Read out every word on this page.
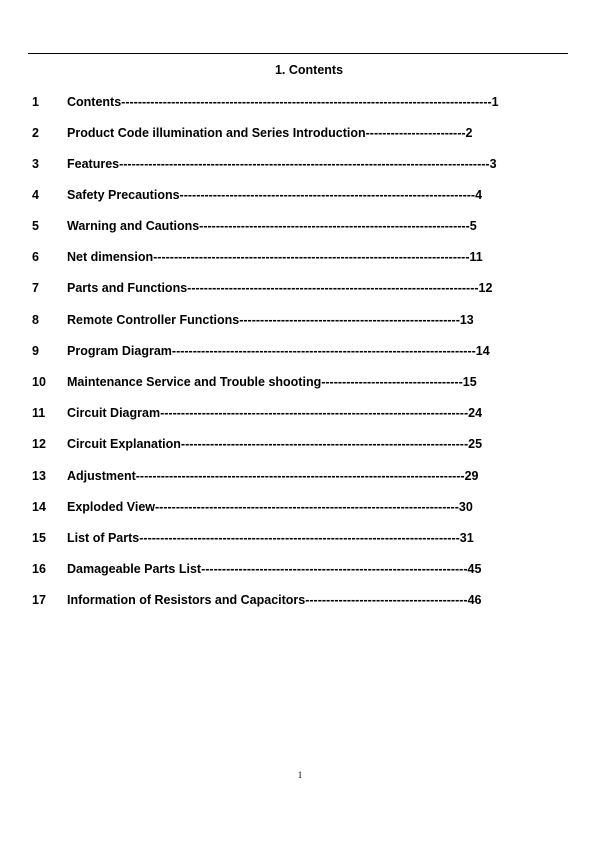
1. Contents
1 Contents-----------------------------------------------------------------------------------------1
2 Product Code illumination and Series Introduction------------------------2
3 Features-----------------------------------------------------------------------------------------3
4 Safety Precautions-----------------------------------------------------------------------4
5 Warning and Cautions-----------------------------------------------------------------5
6 Net dimension----------------------------------------------------------------------------11
7 Parts and Functions----------------------------------------------------------------------12
8 Remote Controller Functions-----------------------------------------------------13
9 Program Diagram-------------------------------------------------------------------------14
10 Maintenance Service and Trouble shooting----------------------------------15
11 Circuit Diagram--------------------------------------------------------------------------24
12 Circuit Explanation---------------------------------------------------------------------25
13 Adjustment-------------------------------------------------------------------------------29
14 Exploded View-------------------------------------------------------------------------30
15 List of Parts-----------------------------------------------------------------------------31
16 Damageable Parts List----------------------------------------------------------------45
17 Information of Resistors and Capacitors---------------------------------------46
1
